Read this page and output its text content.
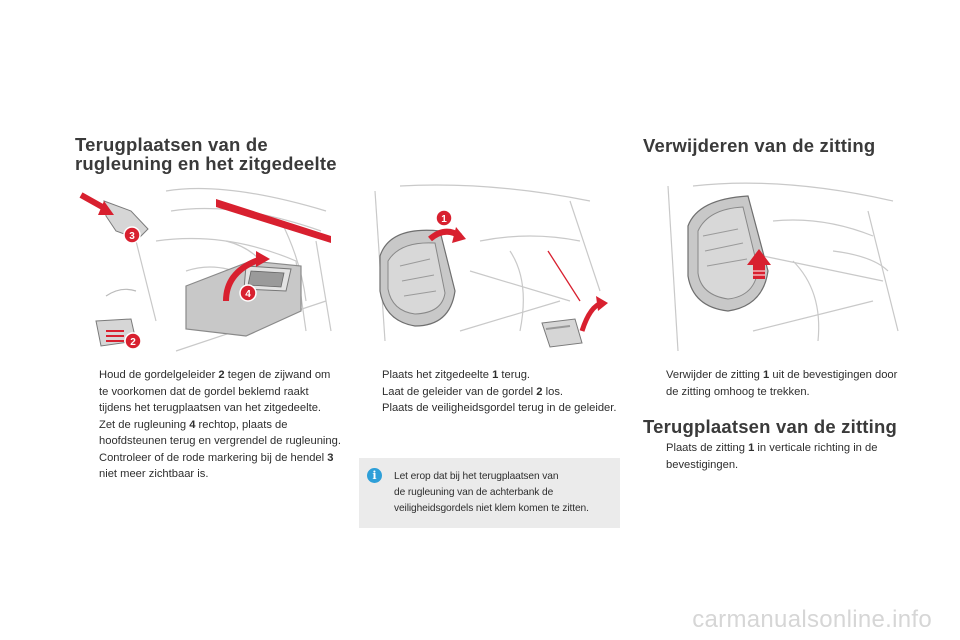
Terugplaatsen van de
rugleuning en het zitgedeelte
3
4
2
Houd de gordelgeleider 2 tegen de zijwand om te voorkomen dat de gordel beklemd raakt tijdens het terugplaatsen van het zitgedeelte.
Zet de rugleuning 4 rechtop, plaats de hoofdsteunen terug en vergrendel de rugleuning.
Controleer of de rode markering bij de hendel 3 niet meer zichtbaar is.
1
Plaats het zitgedeelte 1 terug.
Laat de geleider van de gordel 2 los.
Plaats de veiligheidsgordel terug in de geleider.
i	Let erop dat bij het terugplaatsen van
de rugleuning van de achterbank de
veiligheidsgordels niet klem komen te zitten.
Verwijderen van de zitting
Verwijder de zitting 1 uit de bevestigingen door de zitting omhoog te trekken.
Terugplaatsen van de zitting
Plaats de zitting 1 in verticale richting in de bevestigingen.
carmanualsonline.info
